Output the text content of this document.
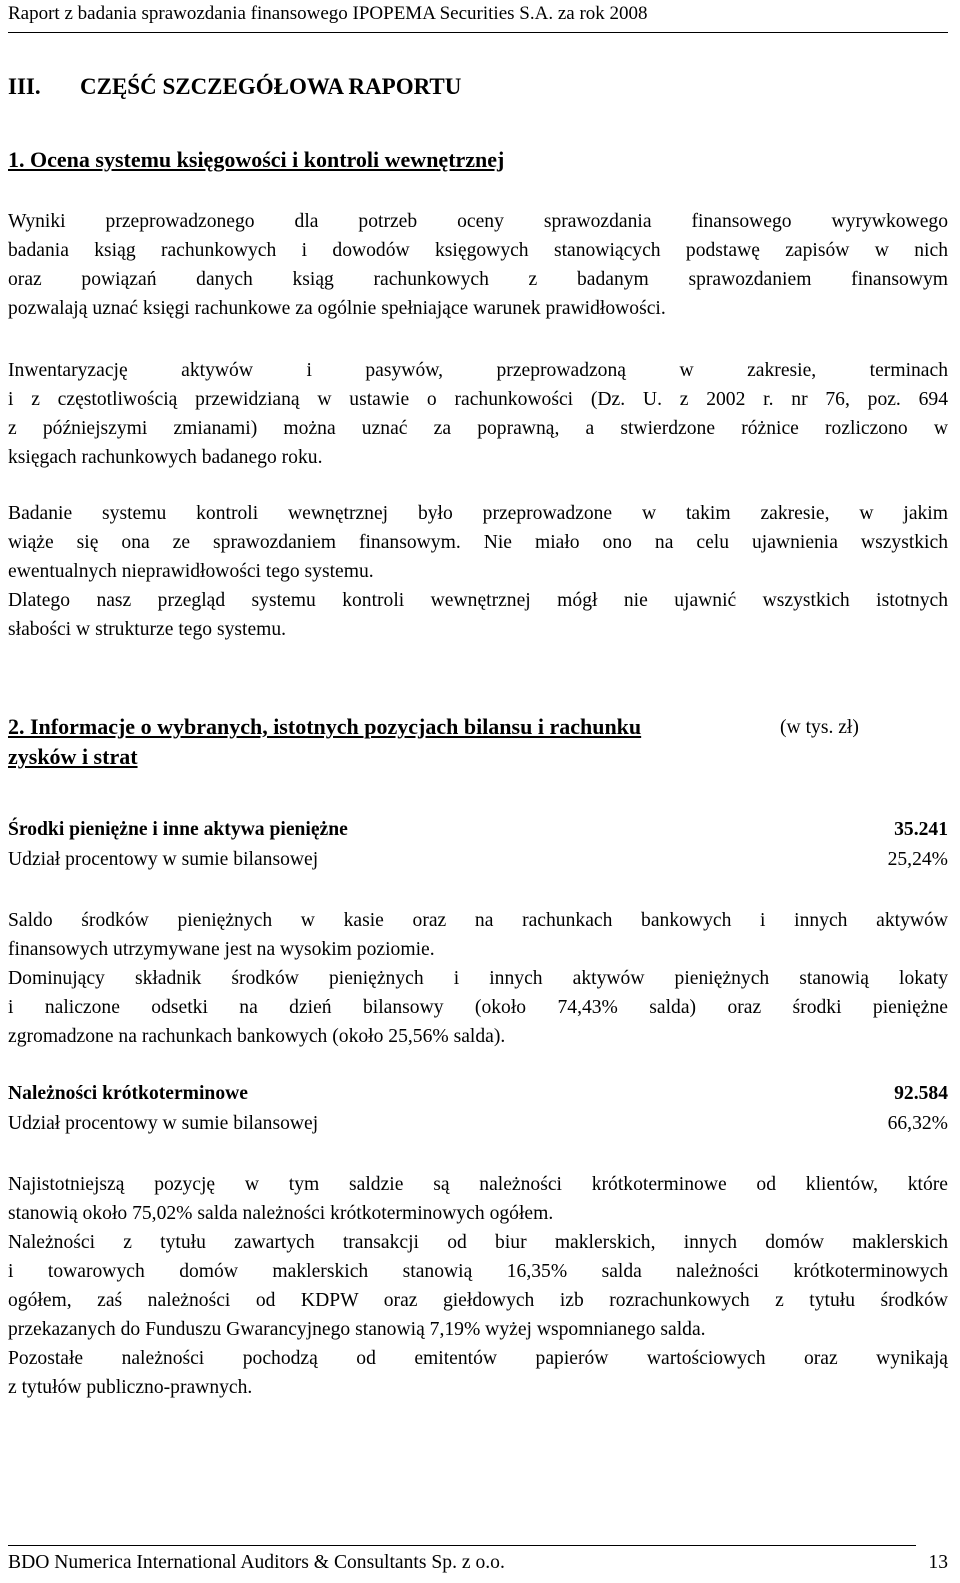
Raport z badania sprawozdania finansowego IPOPEMA Securities S.A. za rok 2008
III. CZĘŚĆ SZCZEGÓŁOWA RAPORTU
1. Ocena systemu księgowości i kontroli wewnętrznej
Wyniki przeprowadzonego dla potrzeb oceny sprawozdania finansowego wyrywkowego
badania ksiąg rachunkowych i dowodów księgowych stanowiących podstawę zapisów w nich
oraz powiązań danych ksiąg rachunkowych z badanym sprawozdaniem finansowym
pozwalają uznać księgi rachunkowe za ogólnie spełniające warunek prawidłowości.
Inwentaryzację aktywów i pasywów, przeprowadzoną w zakresie, terminach
i z częstotliwością przewidzianą w ustawie o rachunkowości (Dz. U. z 2002 r. nr 76, poz. 694
z późniejszymi zmianami) można uznać za poprawną, a stwierdzone różnice rozliczono w
księgach rachunkowych badanego roku.
Badanie systemu kontroli wewnętrznej było przeprowadzone w takim zakresie, w jakim
wiąże się ona ze sprawozdaniem finansowym. Nie miało ono na celu ujawnienia wszystkich
ewentualnych nieprawidłowości tego systemu.
Dlatego nasz przegląd systemu kontroli wewnętrznej mógł nie ujawnić wszystkich istotnych
słabości w strukturze tego systemu.
2. Informacje o wybranych, istotnych pozycjach bilansu i rachunku
zysków i strat
(w tys. zł)
Środki pieniężne i inne aktywa pieniężne	35.241
Udział procentowy w sumie bilansowej	25,24%
Saldo środków pieniężnych w kasie oraz na rachunkach bankowych i innych aktywów
finansowych utrzymywane jest na wysokim poziomie.
Dominujący składnik środków pieniężnych i innych aktywów pieniężnych stanowią lokaty
i naliczone odsetki na dzień bilansowy (około 74,43% salda) oraz środki pieniężne
zgromadzone na rachunkach bankowych (około 25,56% salda).
Należności krótkoterminowe	92.584
Udział procentowy w sumie bilansowej	66,32%
Najistotniejszą pozycję w tym saldzie są należności krótkoterminowe od klientów, które
stanowią około 75,02% salda należności krótkoterminowych ogółem.
Należności z tytułu zawartych transakcji od biur maklerskich, innych domów maklerskich
i towarowych domów maklerskich stanowią 16,35% salda należności krótkoterminowych
ogółem, zaś należności od KDPW oraz giełdowych izb rozrachunkowych z tytułu środków
przekazanych do Funduszu Gwarancyjnego stanowią 7,19% wyżej wspomnianego salda.
Pozostałe należności pochodzą od emitentów papierów wartościowych oraz wynikają
z tytułów publiczno-prawnych.
BDO Numerica International Auditors & Consultants Sp. z o.o.	13
